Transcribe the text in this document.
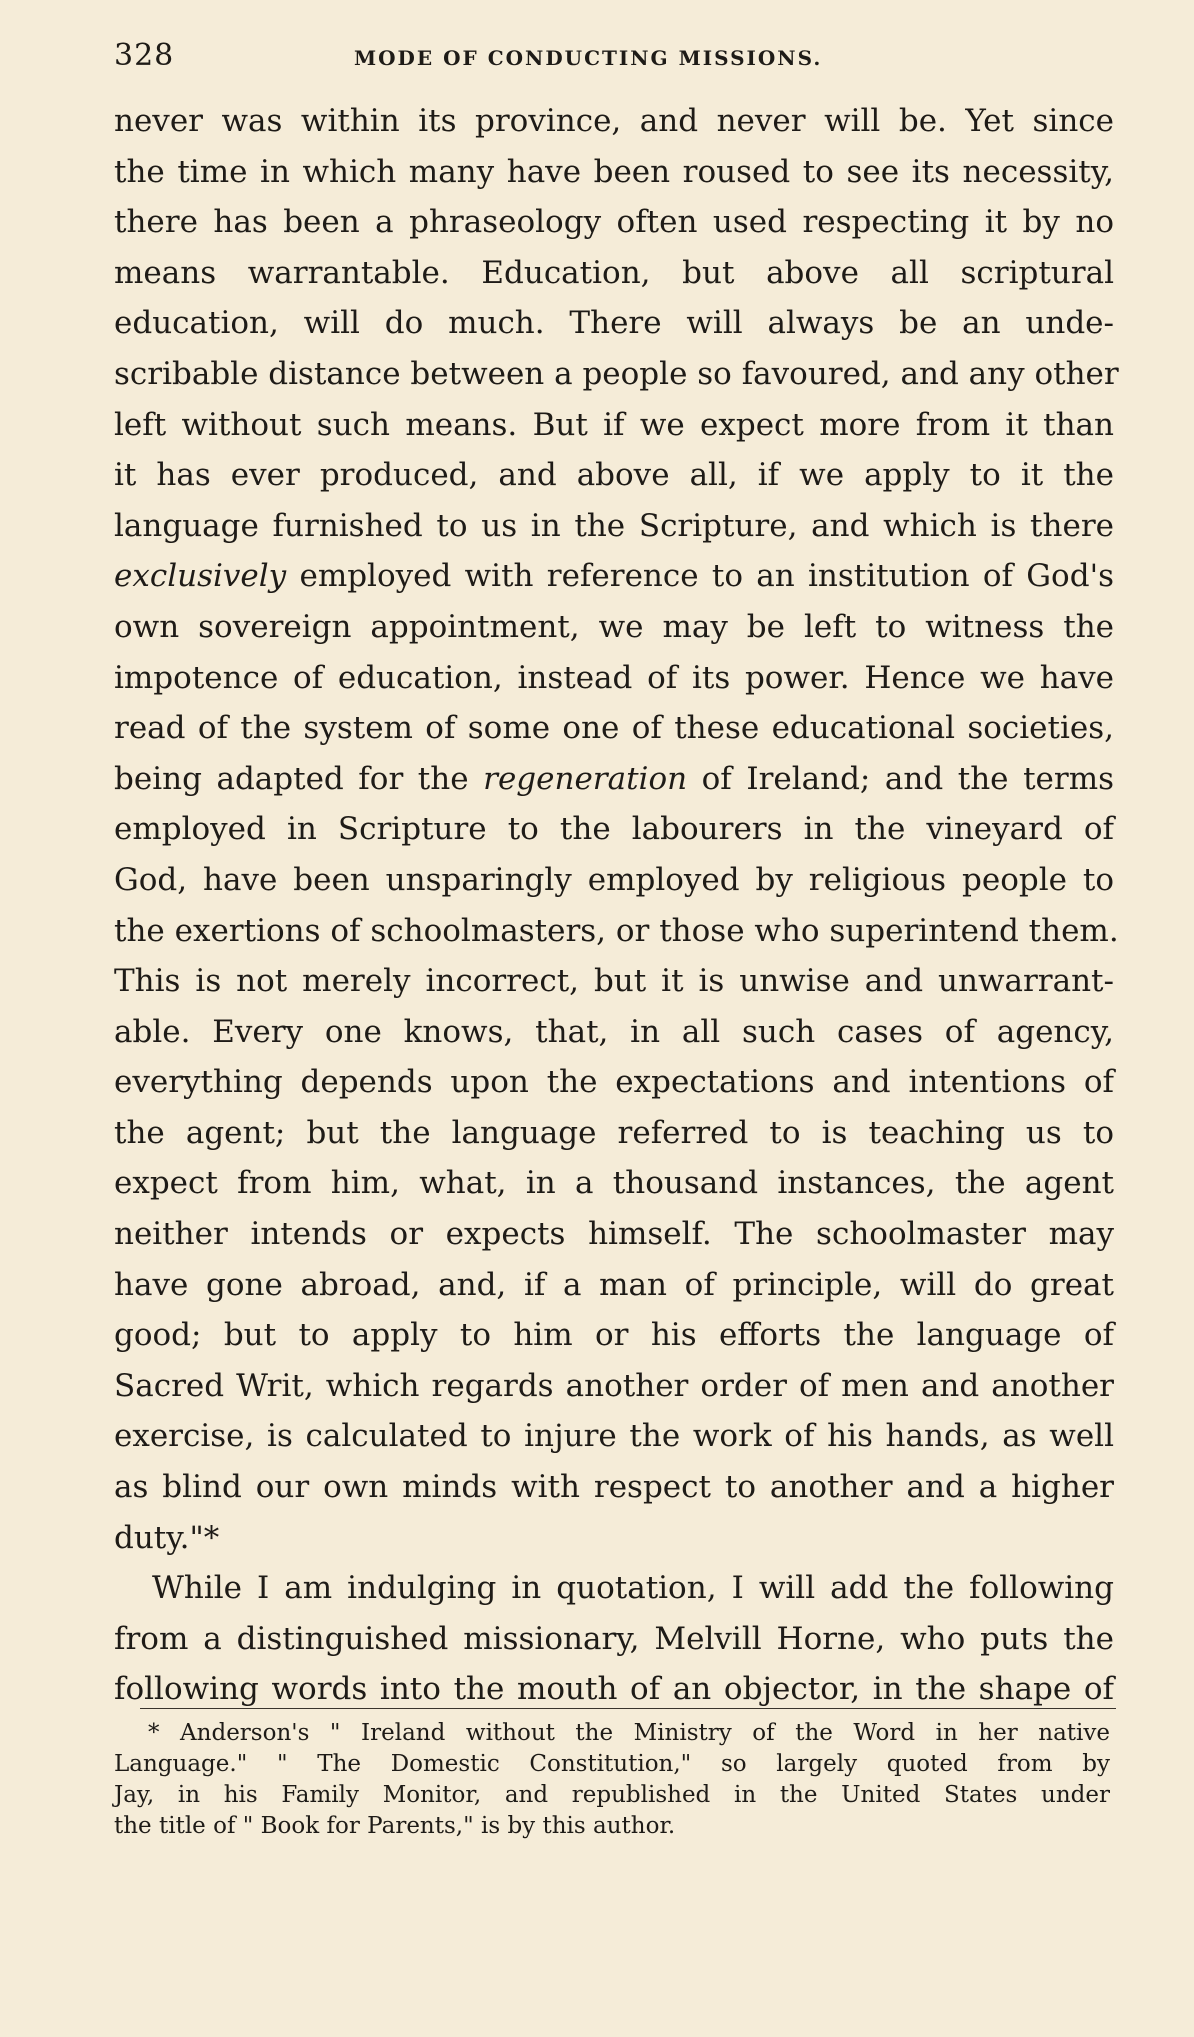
328	MODE OF CONDUCTING MISSIONS.
never was within its province, and never will be. Yet since
the time in which many have been roused to see its necessity,
there has been a phraseology often used respecting it by no
means warrantable. Education, but above all scriptural
education, will do much. There will always be an unde-
scribable distance between a people so favoured, and any other
left without such means. But if we expect more from it than
it has ever produced, and above all, if we apply to it the
language furnished to us in the Scripture, and which is there
exclusively employed with reference to an institution of God's
own sovereign appointment, we may be left to witness the
impotence of education, instead of its power. Hence we have
read of the system of some one of these educational societies,
being adapted for the regeneration of Ireland; and the terms
employed in Scripture to the labourers in the vineyard of
God, have been unsparingly employed by religious people to
the exertions of schoolmasters, or those who superintend them.
This is not merely incorrect, but it is unwise and unwarrant-
able. Every one knows, that, in all such cases of agency,
everything depends upon the expectations and intentions of
the agent; but the language referred to is teaching us to
expect from him, what, in a thousand instances, the agent
neither intends or expects himself. The schoolmaster may
have gone abroad, and, if a man of principle, will do great
good; but to apply to him or his efforts the language of
Sacred Writ, which regards another order of men and another
exercise, is calculated to injure the work of his hands, as well
as blind our own minds with respect to another and a higher
duty."*
While I am indulging in quotation, I will add the following
from a distinguished missionary, Melvill Horne, who puts the
following words into the mouth of an objector, in the shape of
* Anderson's " Ireland without the Ministry of the Word in her native
Language." " The Domestic Constitution," so largely quoted from by
Jay, in his Family Monitor, and republished in the United States under
the title of " Book for Parents," is by this author.
